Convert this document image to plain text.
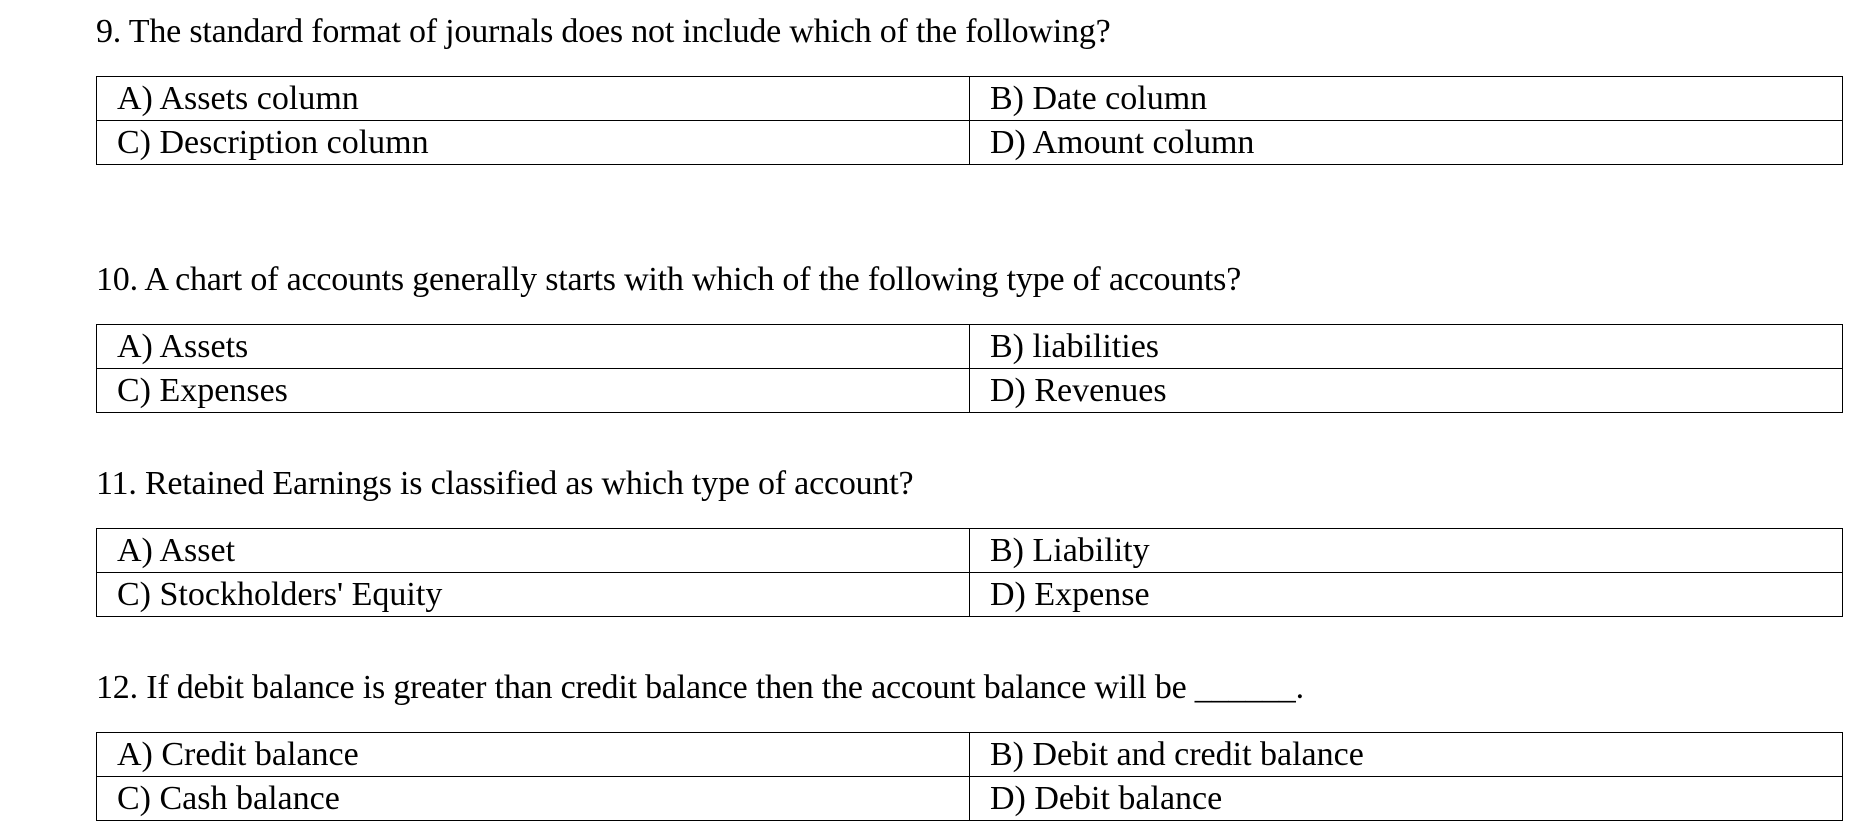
9. The standard format of journals does not include which of the following?
A) Assets column	B) Date column
C) Description column	D) Amount column
10. A chart of accounts generally starts with which of the following type of accounts?
A) Assets	B) liabilities
C) Expenses	D) Revenues
11. Retained Earnings is classified as which type of account?
A) Asset	B) Liability
C) Stockholders' Equity	D) Expense
12. If debit balance is greater than credit balance then the account balance will be ______.
A) Credit balance	B) Debit and credit balance
C) Cash balance	D) Debit balance
